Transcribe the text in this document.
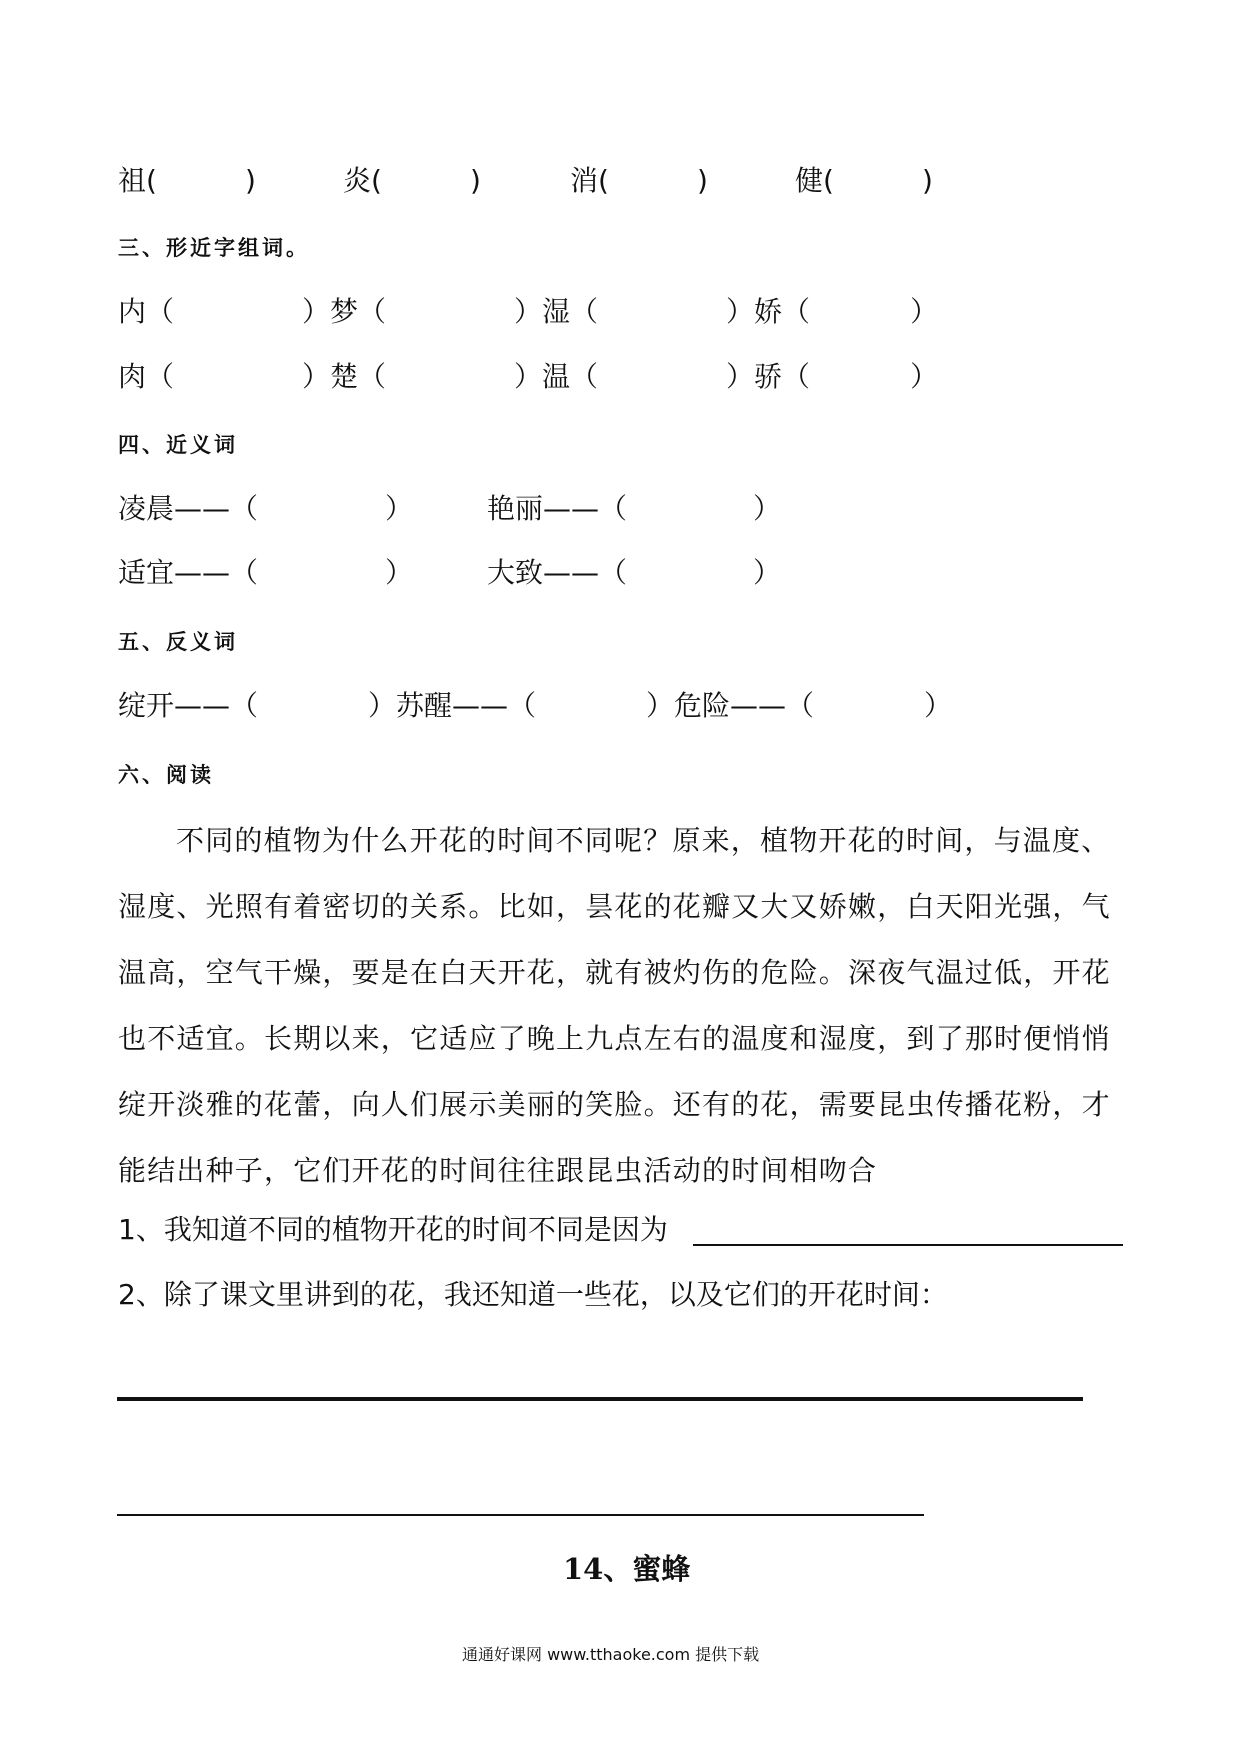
祖(	)	炎(	)	消(	)	健(	)
三、形近字组词。
内（	）梦（	）湿（	）娇（	）
肉（	）楚（	）温（	）骄（	）
四、近义词
凌晨——（	）	艳丽——（	）
适宜——（	）	大致——（	）
五、反义词
绽开——（	）苏醒——（	）危险——（	）
六、阅读
不同的植物为什么开花的时间不同呢？原来，植物开花的时间，与温度、
湿度、光照有着密切的关系。比如，昙花的花瓣又大又娇嫩，白天阳光强，气
温高，空气干燥，要是在白天开花，就有被灼伤的危险。深夜气温过低，开花
也不适宜。长期以来，它适应了晚上九点左右的温度和湿度，到了那时便悄悄
绽开淡雅的花蕾，向人们展示美丽的笑脸。还有的花，需要昆虫传播花粉，才
能结出种子，它们开花的时间往往跟昆虫活动的时间相吻合
1、我知道不同的植物开花的时间不同是因为
2、除了课文里讲到的花，我还知道一些花，以及它们的开花时间：
14、蜜蜂
通通好课网 www.tthaoke.com 提供下载
